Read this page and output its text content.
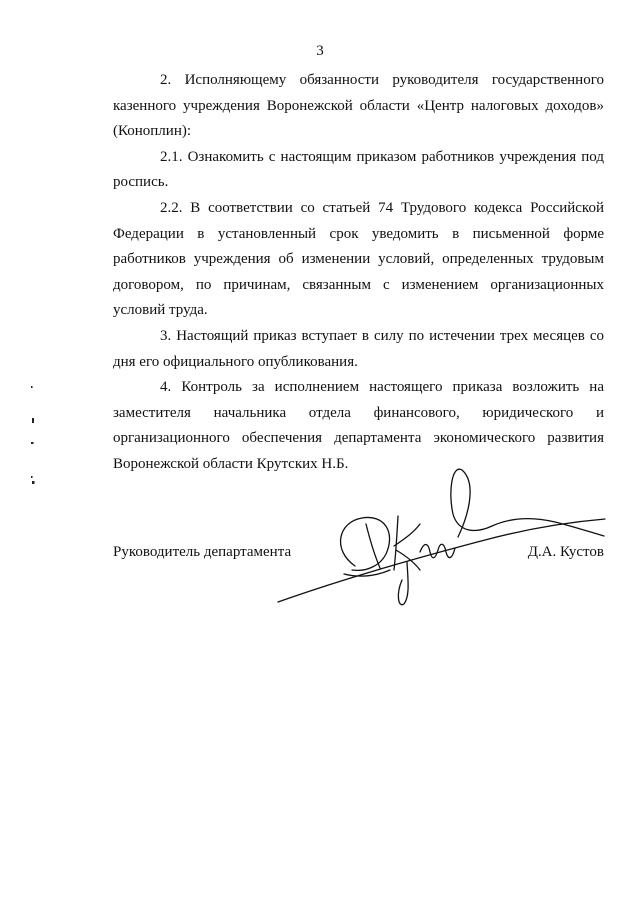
3

2. Исполняющему обязанности руководителя государственного казенного учреждения Воронежской области «Центр налоговых доходов» (Коноплин):

2.1. Ознакомить с настоящим приказом работников учреждения под роспись.

2.2. В соответствии со статьей 74 Трудового кодекса Российской Федерации в установленный срок уведомить в письменной форме работников учреждения об изменении условий, определенных трудовым договором, по причинам, связанным с изменением организационных условий труда.

3. Настоящий приказ вступает в силу по истечении трех месяцев со дня его официального опубликования.

4. Контроль за исполнением настоящего приказа возложить на заместителя начальника отдела финансового, юридического и организационного обеспечения департамента экономического развития Воронежской области Крутских Н.Б.

Руководитель департамента	Д.А. Кустов
